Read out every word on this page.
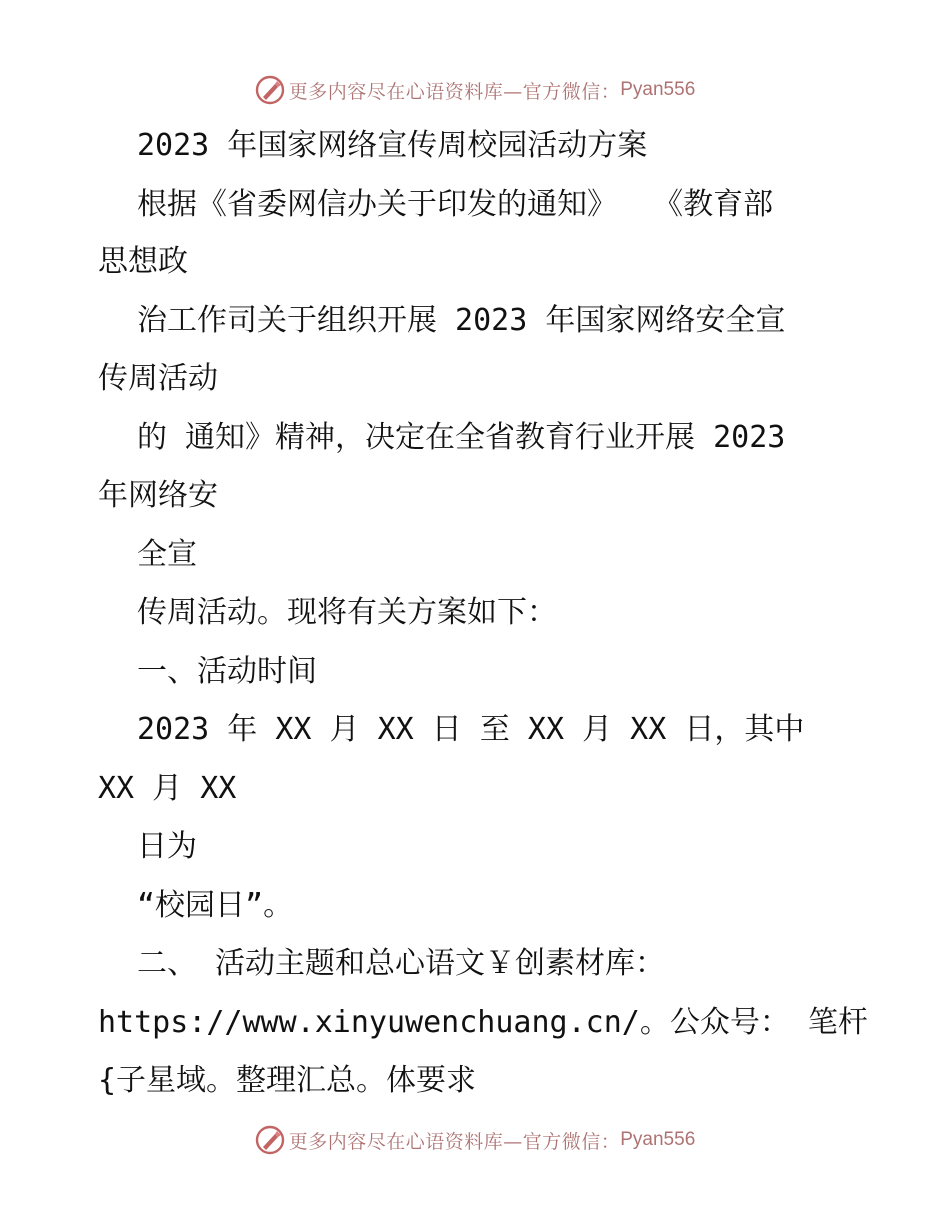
更多内容尽在心语资料库—官方微信： Pyan556
2023 年国家网络宣传周校园活动方案
根据《省委网信办关于印发的通知》  《教育部
思想政
治工作司关于组织开展 2023 年国家网络安全宣
传周活动
的 通知》精神，决定在全省教育行业开展 2023
年网络安
全宣
传周活动。现将有关方案如下：
一、活动时间
2023 年 XX 月 XX 日 至 XX 月 XX 日，其中
XX 月 XX
日为
“校园日”。
二、 活动主题和总心语文￥创素材库：
https://www.xinyuwenchuang.cn/。公众号： 笔杆
{子星域。整理汇总。体要求
更多内容尽在心语资料库—官方微信： Pyan556
